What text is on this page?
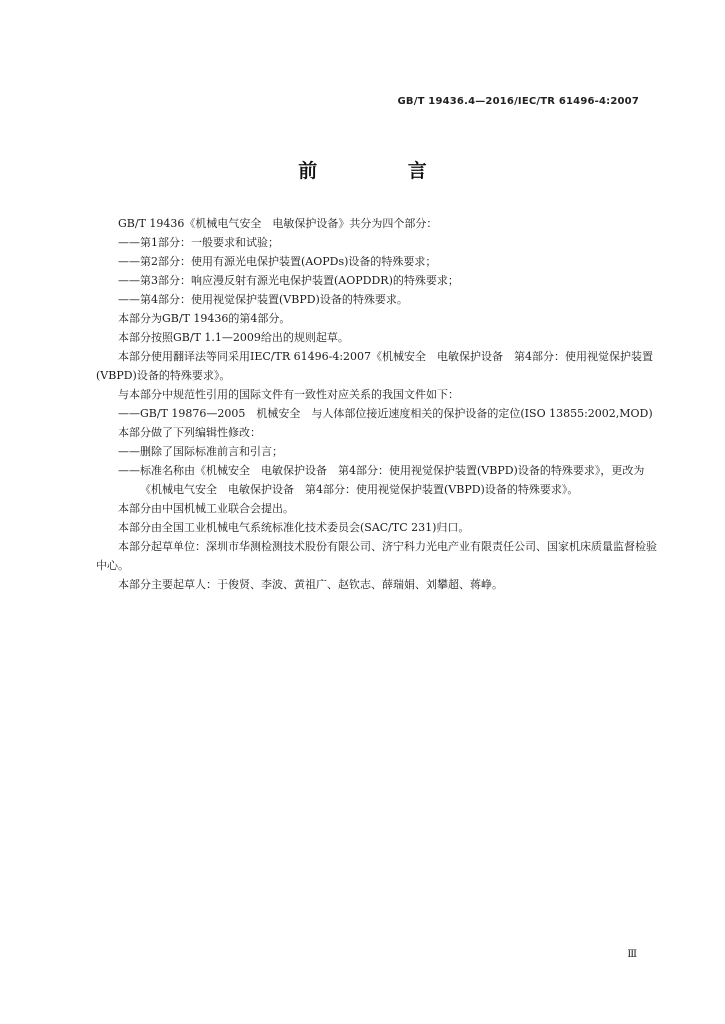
GB/T 19436.4—2016/IEC/TR 61496-4:2007
前 言

GB/T 19436《机械电气安全　电敏保护设备》共分为四个部分：

——第1部分：一般要求和试验；

——第2部分：使用有源光电保护装置(AOPDs)设备的特殊要求；

——第3部分：响应漫反射有源光电保护装置(AOPDDR)的特殊要求；

——第4部分：使用视觉保护装置(VBPD)设备的特殊要求。

本部分为GB/T 19436的第4部分。

本部分按照GB/T 1.1—2009给出的规则起草。

本部分使用翻译法等同采用IEC/TR 61496-4:2007《机械安全　电敏保护设备　第4部分：使用视觉保护装置(VBPD)设备的特殊要求》。

与本部分中规范性引用的国际文件有一致性对应关系的我国文件如下：

——GB/T 19876—2005　机械安全　与人体部位接近速度相关的保护设备的定位(ISO 13855:2002,MOD)

本部分做了下列编辑性修改：

——删除了国际标准前言和引言；

——标准名称由《机械安全　电敏保护设备　第4部分：使用视觉保护装置(VBPD)设备的特殊要求》，更改为《机械电气安全　电敏保护设备　第4部分：使用视觉保护装置(VBPD)设备的特殊要求》。

本部分由中国机械工业联合会提出。

本部分由全国工业机械电气系统标准化技术委员会(SAC/TC 231)归口。

本部分起草单位：深圳市华测检测技术股份有限公司、济宁科力光电产业有限责任公司、国家机床质量监督检验中心。

本部分主要起草人：于俊贤、李波、黄祖广、赵钦志、薛瑞娟、刘攀超、蒋峥。

Ⅲ
